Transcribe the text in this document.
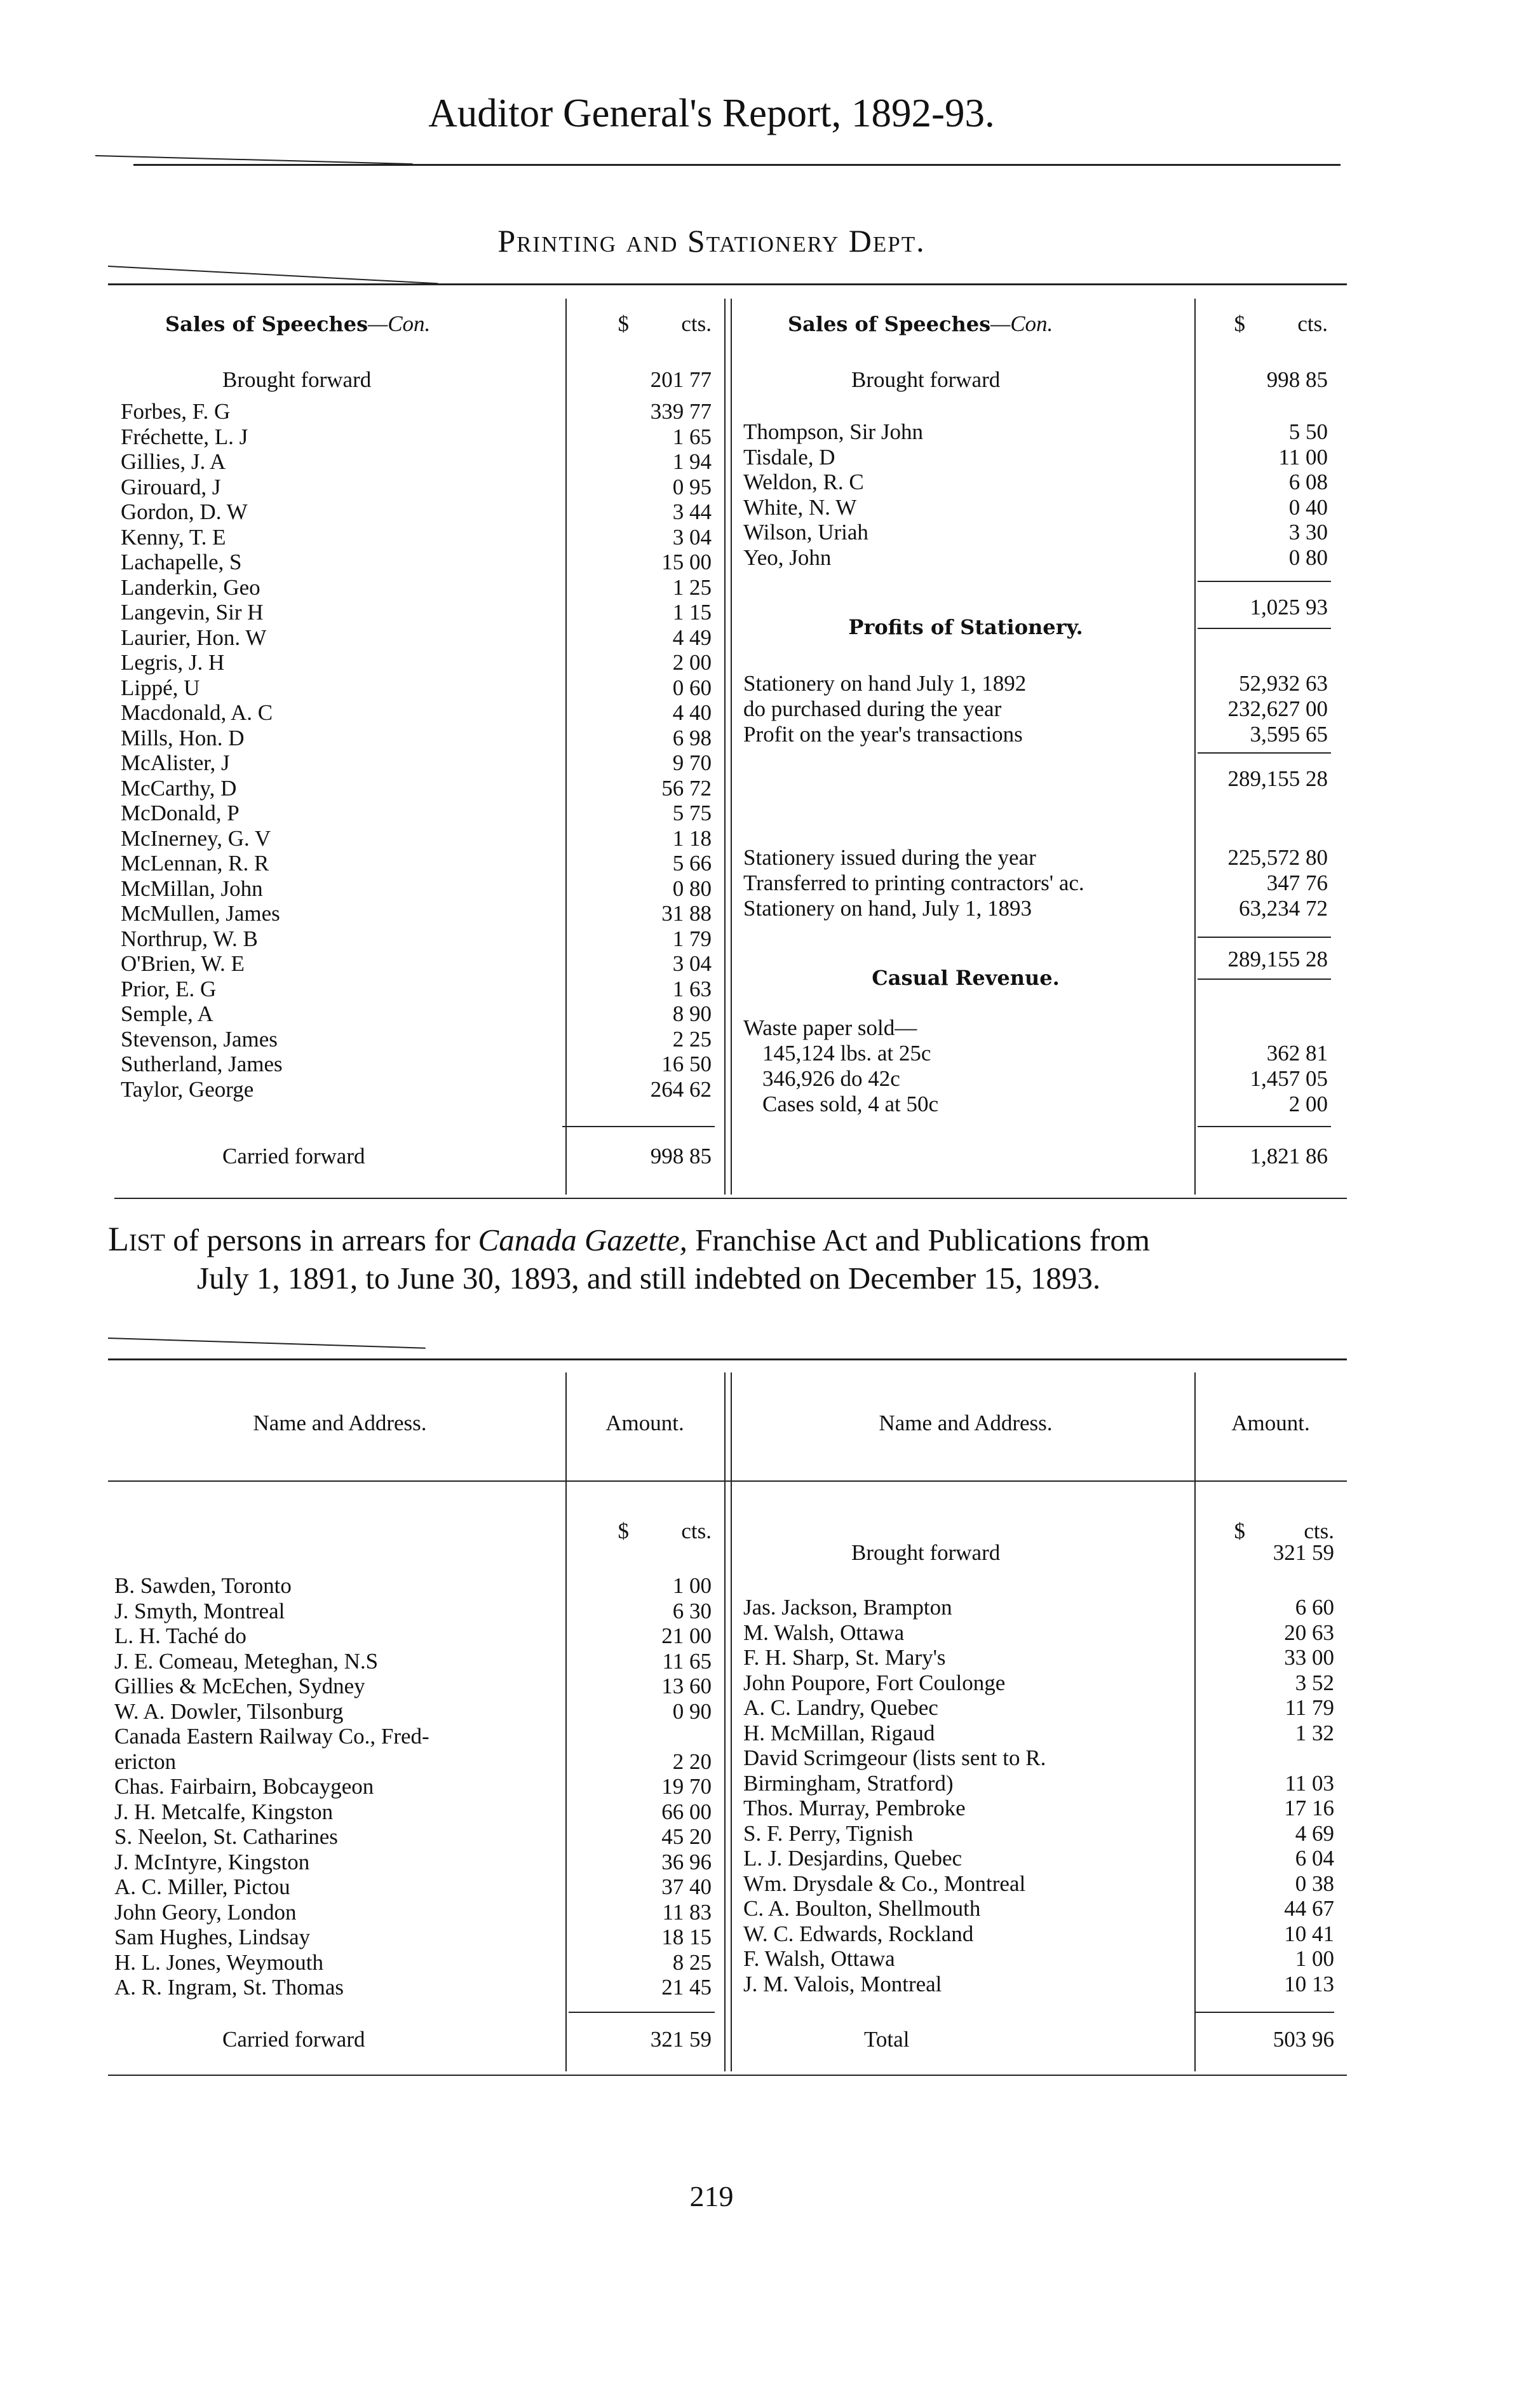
Auditor General's Report, 1892-93.
Printing and Stationery Dept.
Sales of Speeches—Con.	$	cts.
Brought forward	201 77
Forbes, F. G	339 77
Fréchette, L. J	1 65
Gillies, J. A	1 94
Girouard, J	0 95
Gordon, D. W	3 44
Kenny, T. E	3 04
Lachapelle, S	15 00
Landerkin, Geo	1 25
Langevin, Sir H	1 15
Laurier, Hon. W	4 49
Legris, J. H	2 00
Lippé, U	0 60
Macdonald, A. C	4 40
Mills, Hon. D	6 98
McAlister, J	9 70
McCarthy, D	56 72
McDonald, P	5 75
McInerney, G. V	1 18
McLennan, R. R	5 66
McMillan, John	0 80
McMullen, James	31 88
Northrup, W. B	1 79
O'Brien, W. E	3 04
Prior, E. G	1 63
Semple, A	8 90
Stevenson, James	2 25
Sutherland, James	16 50
Taylor, George	264 62
Carried forward	998 85
Sales of Speeches—Con.	$	cts.
Brought forward	998 85
Thompson, Sir John	5 50
Tisdale, D	11 00
Weldon, R. C	6 08
White, N. W	0 40
Wilson, Uriah	3 30
Yeo, John	0 80
1,025 93
Profits of Stationery.
Stationery on hand July 1, 1892	52,932 63
do purchased during the year	232,627 00
Profit on the year's transactions	3,595 65
289,155 28
Stationery issued during the year	225,572 80
Transferred to printing contractors' ac.	347 76
Stationery on hand, July 1, 1893	63,234 72
289,155 28
Casual Revenue.
Waste paper sold—
145,124 lbs. at 25c	362 81
346,926 do 42c	1,457 05
Cases sold, 4 at 50c	2 00
1,821 86
List of persons in arrears for Canada Gazette, Franchise Act and Publications from
July 1, 1891, to June 30, 1893, and still indebted on December 15, 1893.
Name and Address.	Amount.
$	cts.
B. Sawden, Toronto	1 00
J. Smyth, Montreal	6 30
L. H. Taché do	21 00
J. E. Comeau, Meteghan, N.S	11 65
Gillies & McEchen, Sydney	13 60
W. A. Dowler, Tilsonburg	0 90
Canada Eastern Railway Co., Fred-
ericton	2 20
Chas. Fairbairn, Bobcaygeon	19 70
J. H. Metcalfe, Kingston	66 00
S. Neelon, St. Catharines	45 20
J. McIntyre, Kingston	36 96
A. C. Miller, Pictou	37 40
John Geory, London	11 83
Sam Hughes, Lindsay	18 15
H. L. Jones, Weymouth	8 25
A. R. Ingram, St. Thomas	21 45
Carried forward	321 59
Name and Address.	Amount.
$	cts.
Brought forward	321 59
Jas. Jackson, Brampton	6 60
M. Walsh, Ottawa	20 63
F. H. Sharp, St. Mary's	33 00
John Poupore, Fort Coulonge	3 52
A. C. Landry, Quebec	11 79
H. McMillan, Rigaud	1 32
David Scrimgeour (lists sent to R.
Birmingham, Stratford)	11 03
Thos. Murray, Pembroke	17 16
S. F. Perry, Tignish	4 69
L. J. Desjardins, Quebec	6 04
Wm. Drysdale & Co., Montreal	0 38
C. A. Boulton, Shellmouth	44 67
W. C. Edwards, Rockland	10 41
F. Walsh, Ottawa	1 00
J. M. Valois, Montreal	10 13
Total	503 96
219
